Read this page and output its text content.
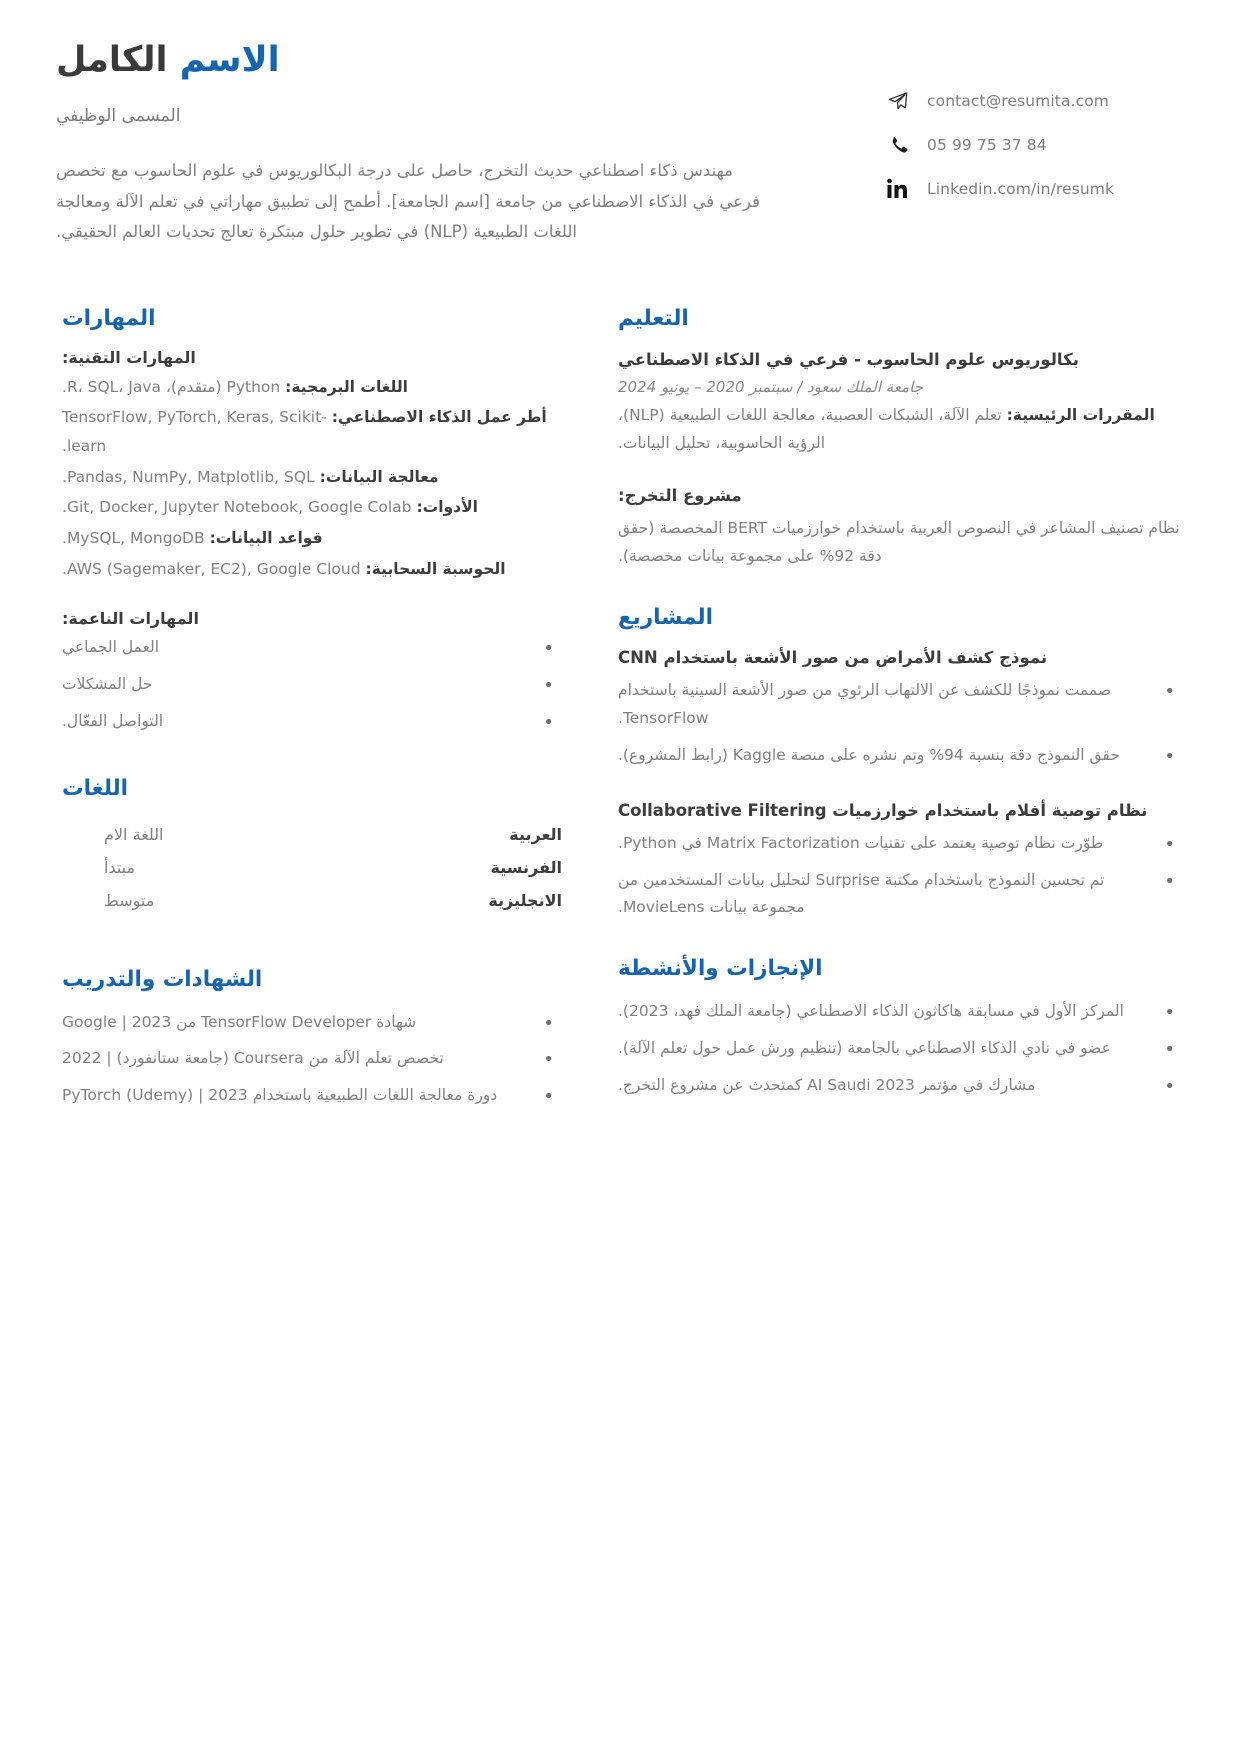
الاسم الكامل
المسمى الوظيفي

مهندس ذكاء اصطناعي حديث التخرج، حاصل على درجة البكالوريوس في علوم الحاسوب مع تخصص فرعي في الذكاء الاصطناعي من جامعة [اسم الجامعة]. أطمح إلى تطبيق مهاراتي في تعلم الآلة ومعالجة اللغات الطبيعية (NLP) في تطوير حلول مبتكرة تعالج تحديات العالم الحقيقي.

contact@resumita.com
05 99 75 37 84
Linkedin.com/in/resumk
التعليم
بكالوريوس علوم الحاسوب - فرعي في الذكاء الاصطناعي
جامعة الملك سعود / سبتمبر 2020 – يونيو 2024

المقررات الرئيسية: تعلم الآلة، الشبكات العصبية، معالجة اللغات الطبيعية (NLP)، الرؤية الحاسوبية، تحليل البيانات.

مشروع التخرج:

نظام تصنيف المشاعر في النصوص العربية باستخدام خوارزميات BERT المخصصة (حقق دقة 92% على مجموعة بيانات مخصصة).

المشاريع
نموذج كشف الأمراض من صور الأشعة باستخدام CNN
• صممت نموذجًا للكشف عن الالتهاب الرئوي من صور الأشعة السينية باستخدام TensorFlow.
• حقق النموذج دقة بنسبة 94% وتم نشره على منصة Kaggle (رابط المشروع).
نظام توصية أفلام باستخدام خوارزميات Collaborative Filtering
• طوّرت نظام توصية يعتمد على تقنيات Matrix Factorization في Python.
• تم تحسين النموذج باستخدام مكتبة Surprise لتحليل بيانات المستخدمين من مجموعة بيانات MovieLens.
الإنجازات والأنشطة
• المركز الأول في مسابقة هاكاثون الذكاء الاصطناعي (جامعة الملك فهد، 2023).
• عضو في نادي الذكاء الاصطناعي بالجامعة (تنظيم ورش عمل حول تعلم الآلة).
• مشارك في مؤتمر AI Saudi 2023 كمتحدث عن مشروع التخرج.
المهارات
المهارات التقنية:
اللغات البرمجية: Python (متقدم)، R، SQL، Java.
أطر عمل الذكاء الاصطناعي: TensorFlow, PyTorch, Keras, Scikit-learn.
معالجة البيانات: Pandas, NumPy, Matplotlib, SQL.
الأدوات: Git, Docker, Jupyter Notebook, Google Colab.
قواعد البيانات: MySQL, MongoDB.
الحوسبة السحابية: AWS (Sagemaker, EC2), Google Cloud.
المهارات الناعمة:
• العمل الجماعي
• حل المشكلات
• التواصل الفعّال.
اللغات
العربية	اللغة الام
الفرنسية	مبتدأ
الانجليزية	متوسط
الشهادات والتدريب
• شهادة TensorFlow Developer من Google | 2023
• تخصص تعلم الآلة من Coursera (جامعة ستانفورد) | 2022
• دورة معالجة اللغات الطبيعية باستخدام PyTorch (Udemy) | 2023
